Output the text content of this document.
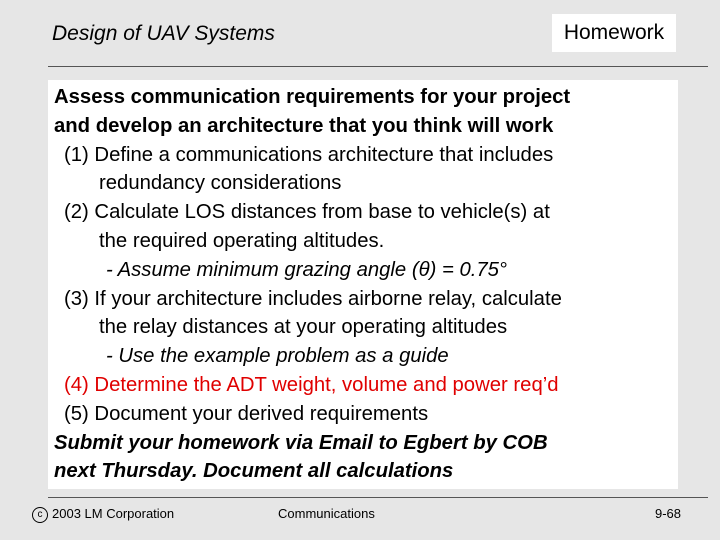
Design of UAV Systems	Homework
Assess communication requirements for your project
and develop an architecture that you think will work
(1) Define a communications architecture that includes
redundancy considerations
(2) Calculate LOS distances from base to vehicle(s) at
the required operating altitudes.
- Assume minimum grazing angle (θ) = 0.75°
(3) If your architecture includes airborne relay, calculate
the relay distances at your operating altitudes
- Use the example problem as a guide
(4) Determine the ADT weight, volume and power req’d
(5) Document your derived requirements
Submit your homework via Email to Egbert by COB
next Thursday. Document all calculations
c 2003 LM Corporation	Communications	9-68
